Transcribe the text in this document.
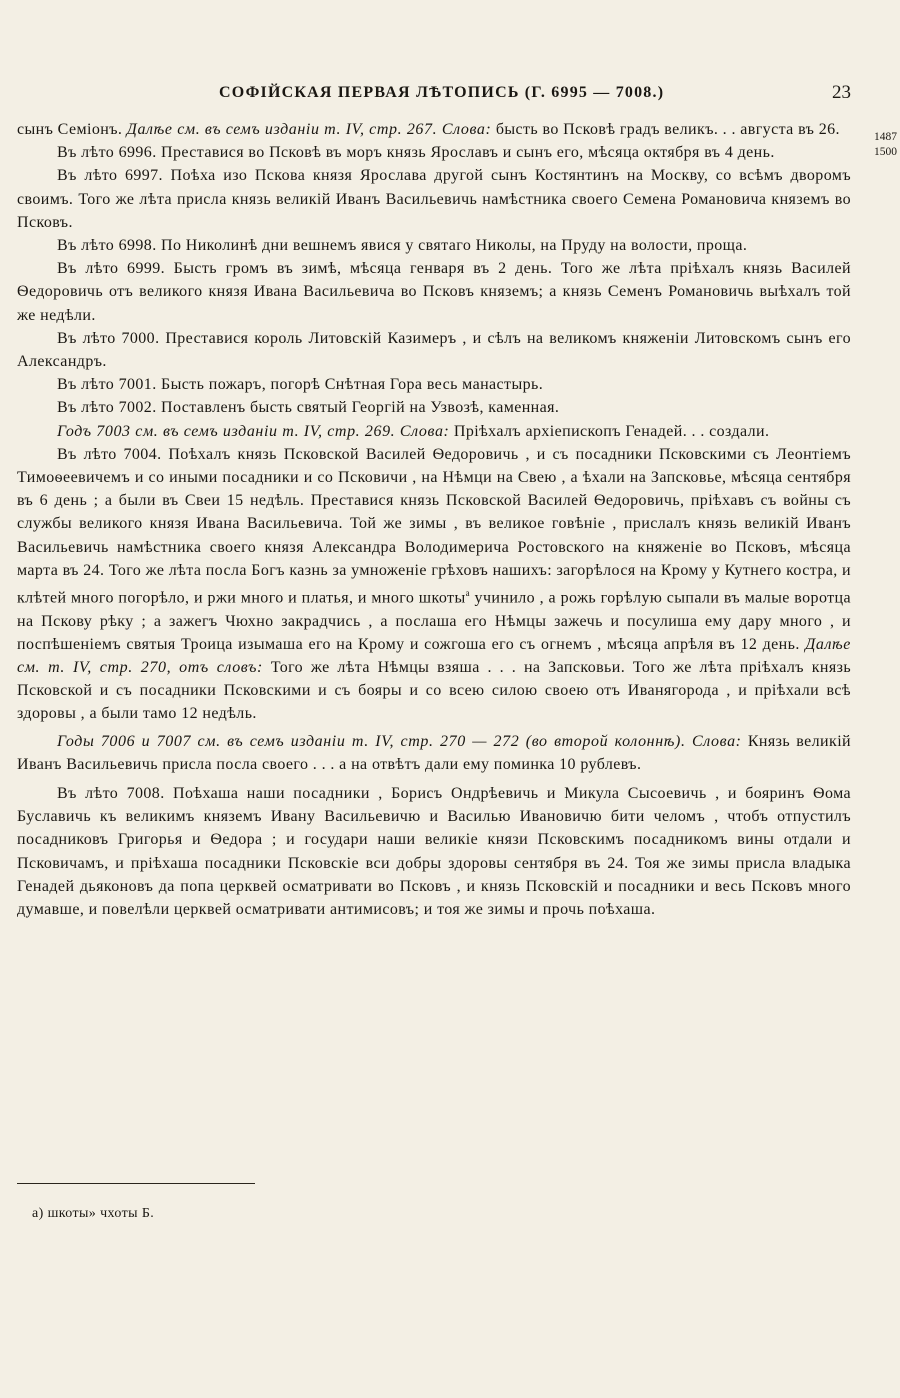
СОФІЙСКАЯ ПЕРВАЯ ЛѢТОПИСЬ (Г. 6995 — 7008.)	23
1487
1500

сынъ Семіонъ. Далѣе см. въ семъ изданіи т. IV, стр. 267. Слова: бысть во Псковѣ градъ великъ. . . августа въ 26.

Въ лѣто 6996. Преставися во Псковѣ въ моръ князь Ярославъ и сынъ его, мѣсяца октября въ 4 день.

Въ лѣто 6997. Поѣха изо Пскова князя Ярослава другой сынъ Костянтинъ на Москву, со всѣмъ дворомъ своимъ. Того же лѣта присла князь великій Иванъ Васильевичь намѣстника своего Семена Романовича княземъ во Псковъ.

Въ лѣто 6998. По Николинѣ дни вешнемъ явися у святаго Николы, на Пруду на волости, проща.

Въ лѣто 6999. Бысть громъ въ зимѣ, мѣсяца генваря въ 2 день. Того же лѣта пріѣхалъ князь Василей Ѳедоровичь отъ великого князя Ивана Васильевича во Псковъ княземъ; а князь Семенъ Романовичь выѣхалъ той же недѣли.

Въ лѣто 7000. Преставися король Литовскій Казимеръ , и сѣлъ на великомъ княженіи Литовскомъ сынъ его Александръ.

Въ лѣто 7001. Бысть пожаръ, погорѣ Снѣтная Гора весь манастырь.

Въ лѣто 7002. Поставленъ бысть святый Георгій на Узвозѣ, каменная.

Годъ 7003 см. въ семъ изданіи т. IV, стр. 269. Слова: Пріѣхалъ архіепископъ Генадей. . . создали.

Въ лѣто 7004. Поѣхалъ князь Псковской Василей Ѳедоровичь , и съ посадники Псковскими съ Леонтіемъ Тимоѳеевичемъ и со иными посадники и со Псковичи , на Нѣмци на Свею , а ѣхали на Запсковье, мѣсяца сентября въ 6 день ; а были въ Свеи 15 недѣль. Преставися князь Псковской Василей Ѳедоровичь, пріѣхавъ съ войны съ службы великого князя Ивана Васильевича. Той же зимы , въ великое говѣніе , прислалъ князь великій Иванъ Васильевичь намѣстника своего князя Александра Володимерича Ростовского на княженіе во Псковъ, мѣсяца марта въ 24. Того же лѣта посла Богъ казнь за умноженіе грѣховъ нашихъ: загорѣлося на Крому у Кутнего костра, и клѣтей много погорѣло, и ржи много и платья, и много шкоты$^а$ учинило , а рожь горѣлую сыпали въ малые воротца на Пскову рѣку ; а зажегъ Чюхно закрадчись , а послаша его Нѣмцы зажечь и посулиша ему дару много , и поспѣшеніемъ святыя Троица изымаша его на Крому и сожгоша его съ огнемъ , мѣсяца апрѣля въ 12 день. Далѣе см. т. IV, стр. 270, отъ словъ: Того же лѣта Нѣмцы взяша . . . на Запсковьи. Того же лѣта пріѣхалъ князь Псковской и съ посадники Псковскими и съ бояры и со всею силою своею отъ Иванягорода , и пріѣхали вcѣ здоровы , а были тамо 12 недѣль.

Годы 7006 и 7007 см. въ семъ изданіи т. IV, стр. 270 — 272 (во второй колоннѣ). Слова: Князь великій Иванъ Васильевичь присла посла своего . . . а на отвѣтъ дали ему поминка 10 рублевъ.

Въ лѣто 7008. Поѣхаша наши посадники , Борисъ Ондрѣевичь и Микула Сысоевичь , и бояринъ Ѳома Буславичь къ великимъ княземъ Ивану Васильевичю и Василью Ивановичю бити челомъ , чтобъ отпустилъ посадниковъ Григорья и Ѳедора ; и государи наши великіе князи Псковскимъ посадникомъ вины отдали и Псковичамъ, и пріѣхаша посадники Псковскіе вси добры здоровы сентября въ 24. Тоя же зимы присла владыка Генадей дьяконовъ да попа церквей осматривати во Псковъ , и князь Псковскій и посадники и весь Псковъ много думавше, и повелѣли церквей осматривати антимисовъ; и тоя же зимы и прочь поѣхаша.

а) шкоты» чхоты Б.
